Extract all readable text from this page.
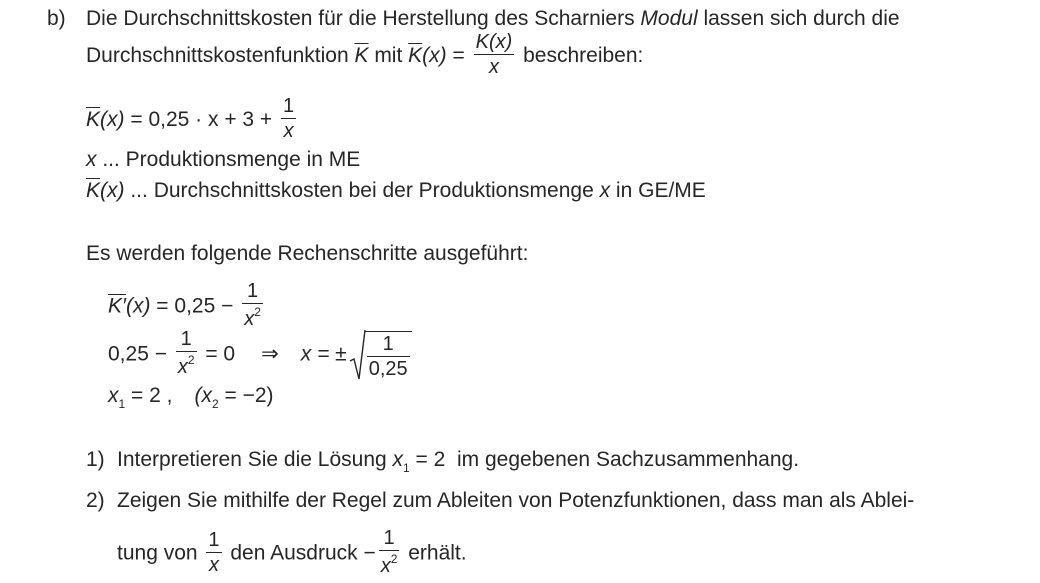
b) Die Durchschnittskosten für die Herstellung des Scharniers Modul lassen sich durch die
Durchschnittskostenfunktion $\overline{K}$ mit $\overline{K}(x) = \frac{K(x)}{x}$ beschreiben:
$\overline{K}(x) = 0,25 \cdot x + 3 + \frac{1}{x}$
x ... Produktionsmenge in ME
$\overline{K}(x)$ ... Durchschnittskosten bei der Produktionsmenge x in GE/ME
Es werden folgende Rechenschritte ausgeführt:
$K'(x) = 0,25 - \frac{1}{x^2}$
$0,25 - \frac{1}{x^2} = 0$ ⇒ x = ± $\frac{1}{0,25}$
$x_1 = 2$ , $(x_2 = -2)$
1) Interpretieren Sie die Lösung $x_1 = 2$  im gegebenen Sachzusammenhang.
2) Zeigen Sie mithilfe der Regel zum Ableiten von Potenzfunktionen, dass man als Ablei-
tung von $\frac{1}{x}$ den Ausdruck − $\frac{1}{x^2}$ erhält.
